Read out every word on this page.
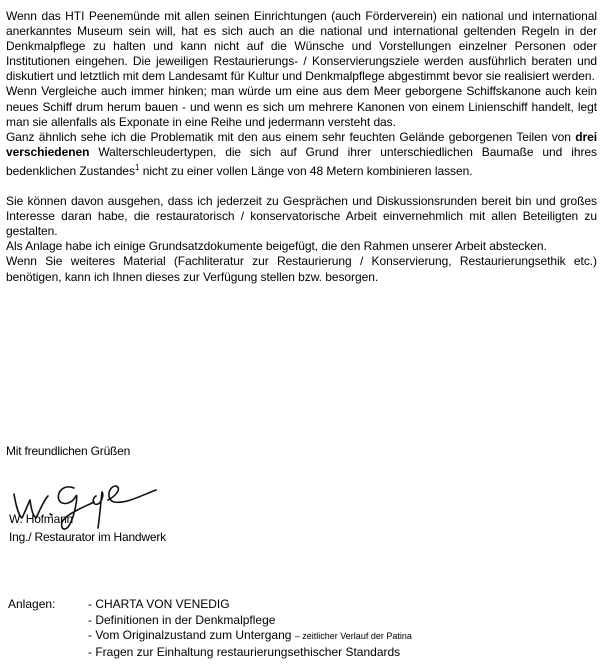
Wenn das HTI Peenemünde mit allen seinen Einrichtungen (auch Förderverein) ein national und international anerkanntes Museum sein will, hat es sich auch an die national und international geltenden Regeln in der Denkmalpflege zu halten und kann nicht auf die Wünsche und Vorstellungen einzelner Personen oder Institutionen eingehen. Die jeweiligen Restaurierungs- / Konservierungsziele werden ausführlich beraten und diskutiert und letztlich mit dem Landesamt für Kultur und Denkmalpflege abgestimmt bevor sie realisiert werden.

Wenn Vergleiche auch immer hinken; man würde um eine aus dem Meer geborgene Schiffskanone auch kein neues Schiff drum herum bauen - und wenn es sich um mehrere Kanonen von einem Linienschiff handelt, legt man sie allenfalls als Exponate in eine Reihe und jedermann versteht das.

Ganz ähnlich sehe ich die Problematik mit den aus einem sehr feuchten Gelände geborgenen Teilen von drei verschiedenen Walterschleudertypen, die sich auf Grund ihrer unterschiedlichen Baumaße und ihres bedenklichen Zustandes$^1$ nicht zu einer vollen Länge von 48 Metern kombinieren lassen.

Sie können davon ausgehen, dass ich jederzeit zu Gesprächen und Diskussionsrunden bereit bin und großes Interesse daran habe, die restauratorisch / konservatorische Arbeit einvernehmlich mit allen Beteiligten zu gestalten.

Als Anlage habe ich einige Grundsatzdokumente beigefügt, die den Rahmen unserer Arbeit abstecken.

Wenn Sie weiteres Material (Fachliteratur zur Restaurierung / Konservierung, Restaurierungsethik etc.) benötigen, kann ich Ihnen dieses zur Verfügung stellen bzw. besorgen.

Mit freundlichen Grüßen
W. Hofmann
Ing./ Restaurator im Handwerk
Anlagen:	- CHARTA VON VENEDIG
- Definitionen in der Denkmalpflege
- Vom Originalzustand zum Untergang – zeitlicher Verlauf der Patina
- Fragen zur Einhaltung restaurierungsethischer Standards
